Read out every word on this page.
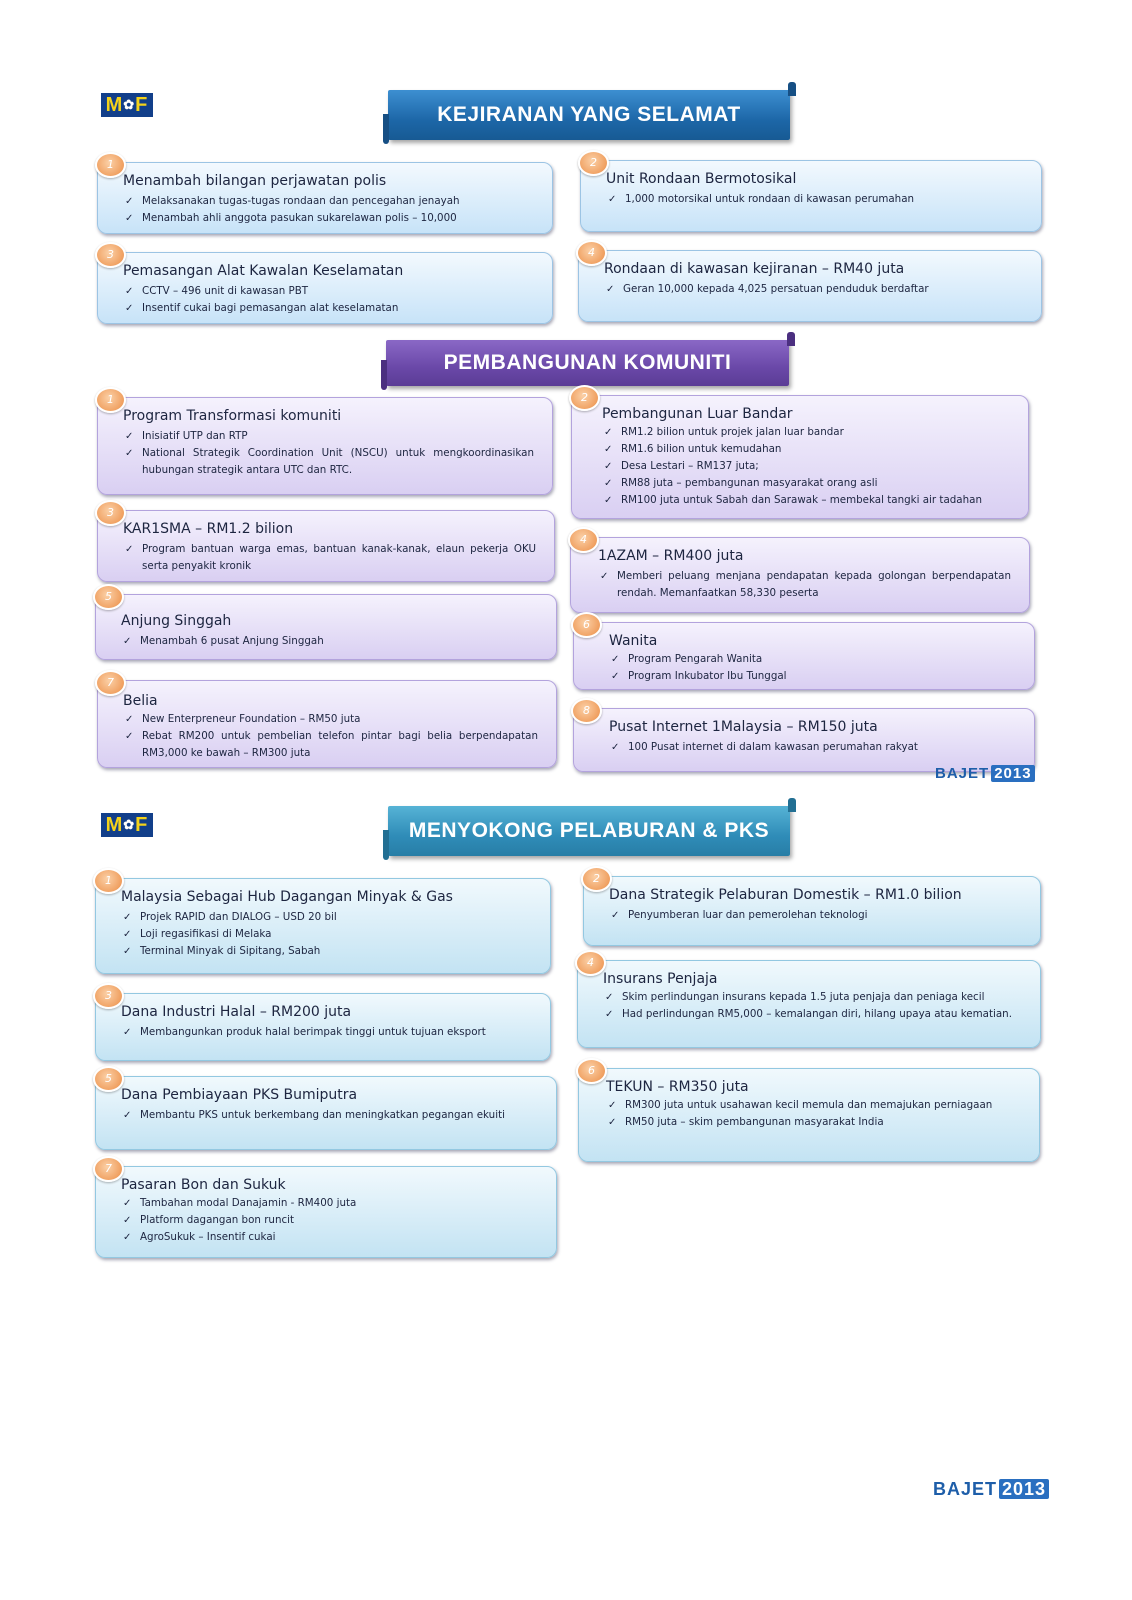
M✿F
M✿F
KEJIRANAN YANG SELAMAT
PEMBANGUNAN KOMUNITI
MENYOKONG PELABURAN & PKS
1
Menambah bilangan perjawatan polis
✓ Melaksanakan tugas-tugas rondaan dan pencegahan jenayah
✓ Menambah ahli anggota pasukan sukarelawan polis – 10,000
2
Unit Rondaan Bermotosikal
✓ 1,000 motorsikal untuk rondaan di kawasan perumahan
3
Pemasangan Alat Kawalan Keselamatan
✓ CCTV – 496 unit di kawasan PBT
✓ Insentif cukai bagi pemasangan alat keselamatan
4
Rondaan di kawasan kejiranan – RM40 juta
✓ Geran 10,000 kepada 4,025 persatuan penduduk berdaftar
1
Program Transformasi komuniti
✓ Inisiatif UTP dan RTP
✓ National Strategik Coordination Unit (NSCU) untuk mengkoordinasikan hubungan strategik antara UTC dan RTC.
2
Pembangunan Luar Bandar
✓ RM1.2 bilion untuk projek jalan luar bandar
✓ RM1.6 bilion untuk kemudahan
✓ Desa Lestari – RM137 juta;
✓ RM88 juta – pembangunan masyarakat orang asli
✓ RM100 juta untuk Sabah dan Sarawak – membekal tangki air tadahan
3
KAR1SMA – RM1.2 bilion
✓ Program bantuan warga emas, bantuan kanak-kanak, elaun pekerja OKU serta penyakit kronik
4
1AZAM – RM400 juta
✓ Memberi peluang menjana pendapatan kepada golongan berpendapatan rendah. Memanfaatkan 58,330 peserta
5
Anjung Singgah
✓ Menambah 6 pusat Anjung Singgah
6
Wanita
✓ Program Pengarah Wanita
✓ Program Inkubator Ibu Tunggal
7
Belia
✓ New Enterpreneur Foundation – RM50 juta
✓ Rebat RM200 untuk pembelian telefon pintar bagi belia berpendapatan RM3,000 ke bawah – RM300 juta
8
Pusat Internet 1Malaysia – RM150 juta
✓ 100 Pusat internet di dalam kawasan perumahan rakyat
BAJET 2013
1
Malaysia Sebagai Hub Dagangan Minyak & Gas
✓ Projek RAPID dan DIALOG – USD 20 bil
✓ Loji regasifikasi di Melaka
✓ Terminal Minyak di Sipitang, Sabah
2
Dana Strategik Pelaburan Domestik – RM1.0 bilion
✓ Penyumberan luar dan pemerolehan teknologi
3
Dana Industri Halal – RM200 juta
✓ Membangunkan produk halal berimpak tinggi untuk tujuan eksport
4
Insurans Penjaja
✓ Skim perlindungan insurans kepada 1.5 juta penjaja dan peniaga kecil
✓ Had perlindungan RM5,000 – kemalangan diri, hilang upaya atau kematian.
5
Dana Pembiayaan PKS Bumiputra
✓ Membantu PKS untuk berkembang dan meningkatkan pegangan ekuiti
6
TEKUN – RM350 juta
✓ RM300 juta untuk usahawan kecil memula dan memajukan perniagaan
✓ RM50 juta – skim pembangunan masyarakat India
7
Pasaran Bon dan Sukuk
✓ Tambahan modal Danajamin - RM400 juta
✓ Platform dagangan bon runcit
✓ AgroSukuk – Insentif cukai
BAJET 2013
